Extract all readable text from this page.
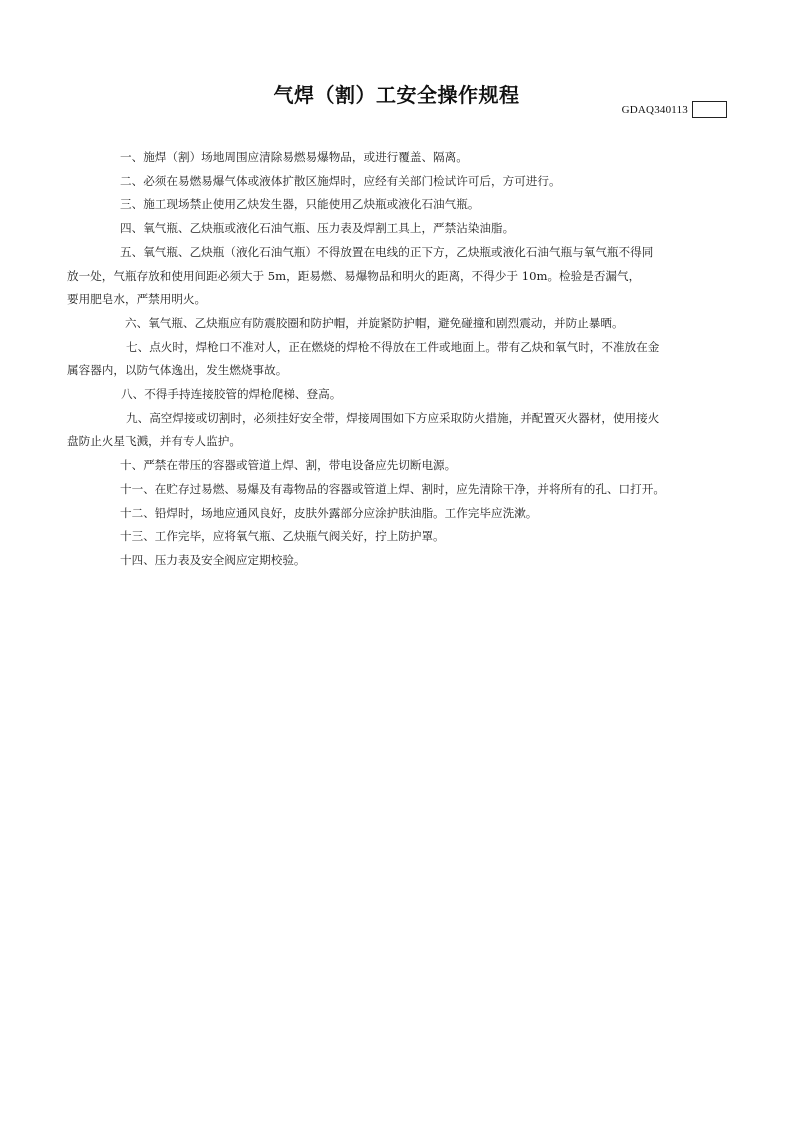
气焊（割）工安全操作规程
GDAQ340113

一、施焊（割）场地周围应清除易燃易爆物品，或进行覆盖、隔离。

二、必须在易燃易爆气体或液体扩散区施焊时，应经有关部门检试许可后，方可进行。

三、施工现场禁止使用乙炔发生器，只能使用乙炔瓶或液化石油气瓶。

四、氧气瓶、乙炔瓶或液化石油气瓶、压力表及焊割工具上，严禁沾染油脂。

五、氧气瓶、乙炔瓶（液化石油气瓶）不得放置在电线的正下方，乙炔瓶或液化石油气瓶与氧气瓶不得同
放一处，气瓶存放和使用间距必须大于 5m，距易燃、易爆物品和明火的距离，不得少于 10m。检验是否漏气，
要用肥皂水，严禁用明火。

六、氧气瓶、乙炔瓶应有防震胶圈和防护帽，并旋紧防护帽，避免碰撞和剧烈震动，并防止暴晒。

七、点火时，焊枪口不准对人，正在燃烧的焊枪不得放在工件或地面上。带有乙炔和氧气时，不准放在金
属容器内，以防气体逸出，发生燃烧事故。

八、不得手持连接胶管的焊枪爬梯、登高。

九、高空焊接或切割时，必须挂好安全带，焊接周围如下方应采取防火措施，并配置灭火器材，使用接火
盘防止火星飞溅，并有专人监护。

十、严禁在带压的容器或管道上焊、割，带电设备应先切断电源。

十一、在贮存过易燃、易爆及有毒物品的容器或管道上焊、割时，应先清除干净，并将所有的孔、口打开。

十二、铅焊时，场地应通风良好，皮肤外露部分应涂护肤油脂。工作完毕应洗漱。

十三、工作完毕，应将氧气瓶、乙炔瓶气阀关好，拧上防护罩。

十四、压力表及安全阀应定期校验。
